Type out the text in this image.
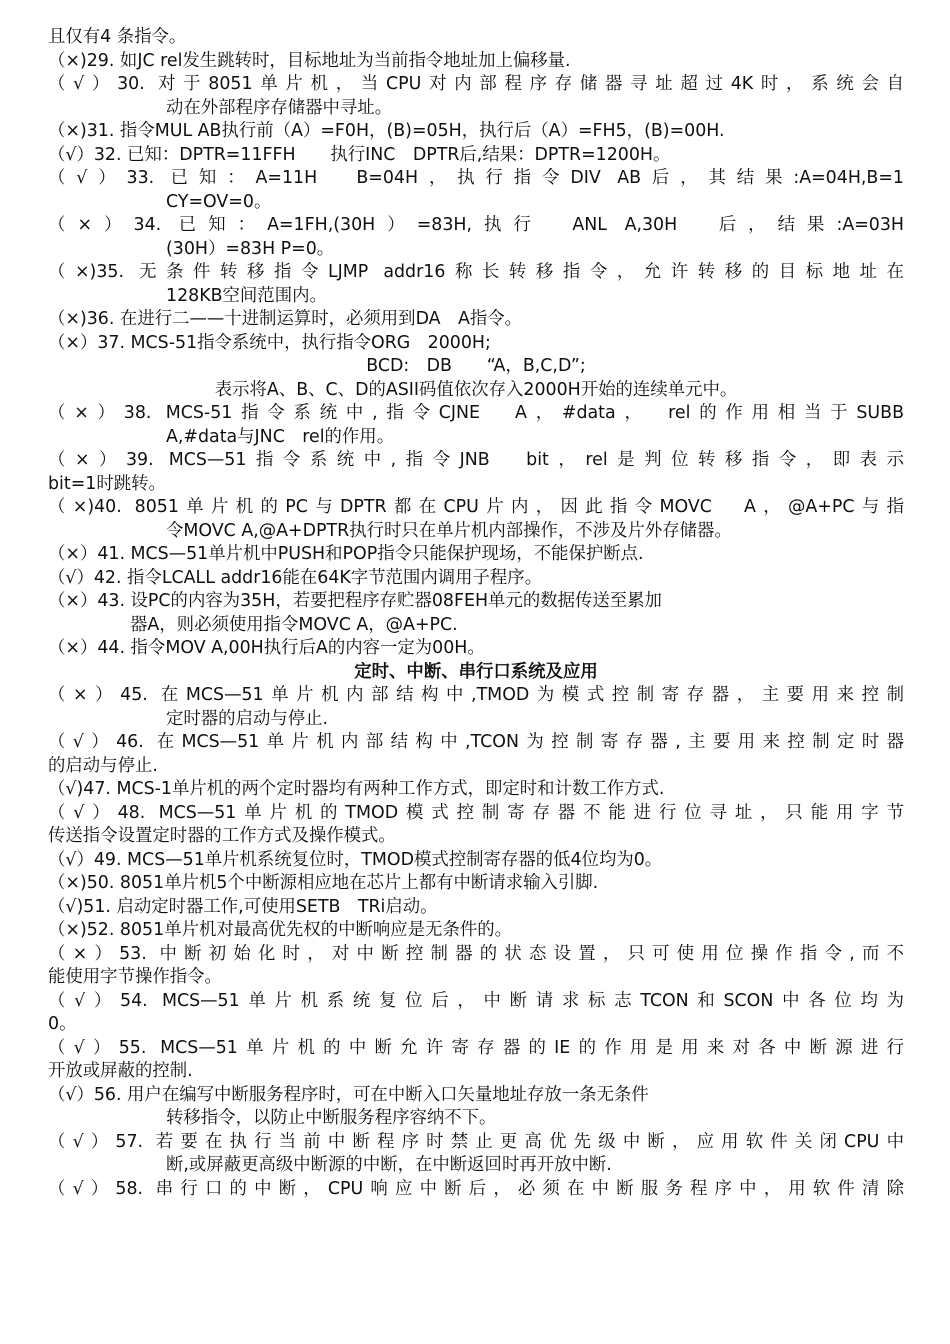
且仅有4 条指令。
（×)29. 如JC rel发生跳转时，目标地址为当前指令地址加上偏移量.
（√）30. 对于8051单片机，当CPU对内部程序存储器寻址超过4K时，系统会自
动在外部程序存储器中寻址。
（×)31. 指令MUL AB执行前（A）=F0H，(B)=05H，执行后（A）=FH5，(B)=00H.
（√）32. 已知：DPTR=11FFH　　执行INC　DPTR后,结果：DPTR=1200H。
（√）33. 已知：A=11H　B=04H，执行指令DIV AB后，其结果:A=04H,B=1
CY=OV=0。
（×）34. 已知：A=1FH,(30H）=83H,执行　ANL A,30H　后，结果:A=03H
(30H）=83H P=0。
（×)35. 无条件转移指令LJMP addr16称长转移指令，允许转移的目标地址在
128KB空间范围内。
（×)36. 在进行二——十进制运算时，必须用到DA　A指令。
（×）37. MCS-51指令系统中，执行指令ORG　2000H;
BCD:　DB　　“A，B,C,D”;
表示将A、B、C、D的ASII码值依次存入2000H开始的连续单元中。
（×）38. MCS-51指令系统中,指令CJNE　A，#data，　rel的作用相当于SUBB
A,#data与JNC　rel的作用。
（×）39. MCS—51指令系统中,指令JNB　bit，rel是判位转移指令，即表示
bit=1时跳转。
（×)40. 8051单片机的PC与DPTR都在CPU片内，因此指令MOVC　A，@A+PC与指
令MOVC A,@A+DPTR执行时只在单片机内部操作，不涉及片外存储器。
（×）41. MCS—51单片机中PUSH和POP指令只能保护现场，不能保护断点.
（√）42. 指令LCALL addr16能在64K字节范围内调用子程序。
（×）43. 设PC的内容为35H，若要把程序存贮器08FEH单元的数据传送至累加
器A，则必须使用指令MOVC A，@A+PC.
（×）44. 指令MOV A,00H执行后A的内容一定为00H。
定时、中断、串行口系统及应用
（×）45. 在MCS—51单片机内部结构中,TMOD为模式控制寄存器，主要用来控制
定时器的启动与停止.
（√）46. 在MCS—51单片机内部结构中,TCON为控制寄存器,主要用来控制定时器
的启动与停止.
（√)47. MCS-1单片机的两个定时器均有两种工作方式，即定时和计数工作方式.
（√）48. MCS—51单片机的TMOD模式控制寄存器不能进行位寻址，只能用字节
传送指令设置定时器的工作方式及操作模式。
（√）49. MCS—51单片机系统复位时，TMOD模式控制寄存器的低4位均为0。
（×)50. 8051单片机5个中断源相应地在芯片上都有中断请求输入引脚.
（√)51. 启动定时器工作,可使用SETB　TRi启动。
（×)52. 8051单片机对最高优先权的中断响应是无条件的。
（×）53. 中断初始化时，对中断控制器的状态设置，只可使用位操作指令,而不
能使用字节操作指令。
（√）54. MCS—51单片机系统复位后，中断请求标志TCON和SCON中各位均为
0。
（√）55. MCS—51单片机的中断允许寄存器的IE的作用是用来对各中断源进行
开放或屏蔽的控制.
（√）56. 用户在编写中断服务程序时，可在中断入口矢量地址存放一条无条件
转移指令，以防止中断服务程序容纳不下。
（√）57. 若要在执行当前中断程序时禁止更高优先级中断，应用软件关闭CPU中
断,或屏蔽更高级中断源的中断，在中断返回时再开放中断.
（√）58. 串行口的中断，CPU响应中断后，必须在中断服务程序中，用软件清除
